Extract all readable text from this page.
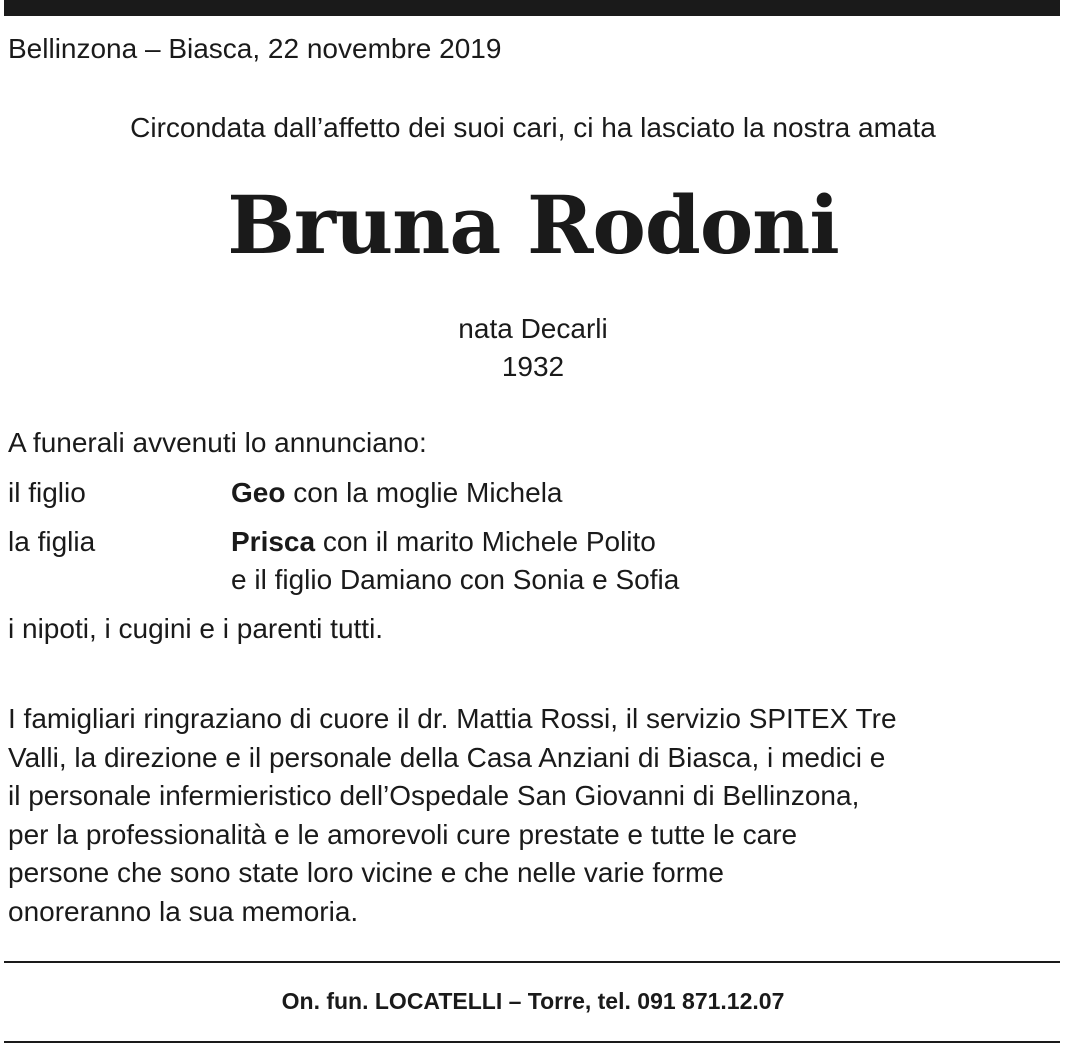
Bellinzona – Biasca, 22 novembre 2019
Circondata dall’affetto dei suoi cari, ci ha lasciato la nostra amata
Bruna Rodoni
nata Decarli
1932
A funerali avvenuti lo annunciano:
il figlio	Geo con la moglie Michela
la figlia	Prisca con il marito Michele Polito
e il figlio Damiano con Sonia e Sofia
i nipoti, i cugini e i parenti tutti.
I famigliari ringraziano di cuore il dr. Mattia Rossi, il servizio SPITEX Tre
Valli, la direzione e il personale della Casa Anziani di Biasca, i medici e
il personale infermieristico dell’Ospedale San Giovanni di Bellinzona,
per la professionalità e le amorevoli cure prestate e tutte le care
persone che sono state loro vicine e che nelle varie forme
onoreranno la sua memoria.
On. fun. LOCATELLI – Torre, tel. 091 871.12.07
